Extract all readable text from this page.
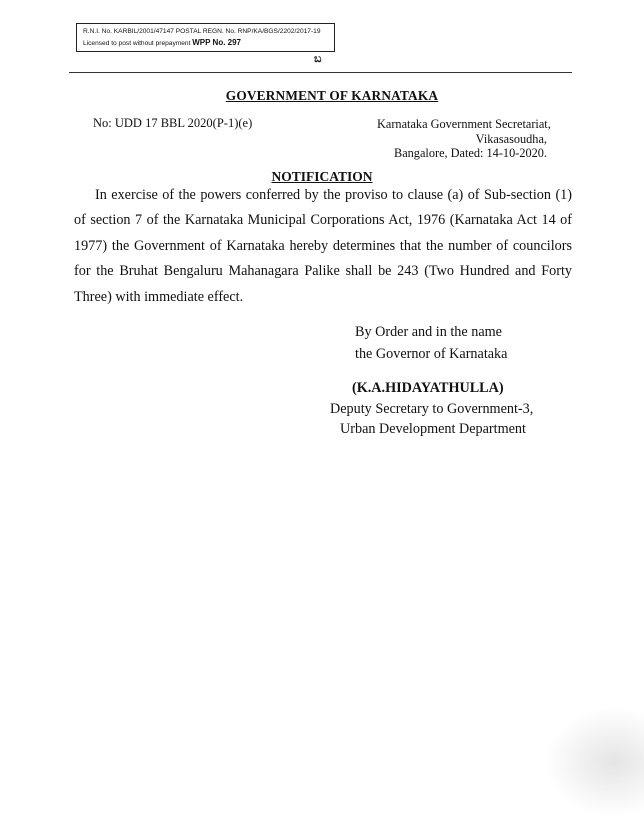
R.N.I. No. KARBIL/2001/47147 POSTAL REGN. No. RNP/KA/BGS/2202/2017-19
Licensed to post without prepayment WPP No. 297
ಬ
GOVERNMENT OF KARNATAKA
No: UDD 17 BBL 2020(P-1)(e)	Karnataka Government Secretariat,
Vikasasoudha,
Bangalore, Dated: 14-10-2020.
NOTIFICATION

In exercise of the powers conferred by the proviso to clause (a) of Sub-section (1) of section 7 of the Karnataka Municipal Corporations Act, 1976 (Karnataka Act 14 of 1977) the Government of Karnataka hereby determines that the number of councilors for the Bruhat Bengaluru Mahanagara Palike shall be 243 (Two Hundred and Forty Three) with immediate effect.

By Order and in the name
the Governor of Karnataka
(K.A.HIDAYATHULLA)
Deputy Secretary to Government-3,
Urban Development Department
